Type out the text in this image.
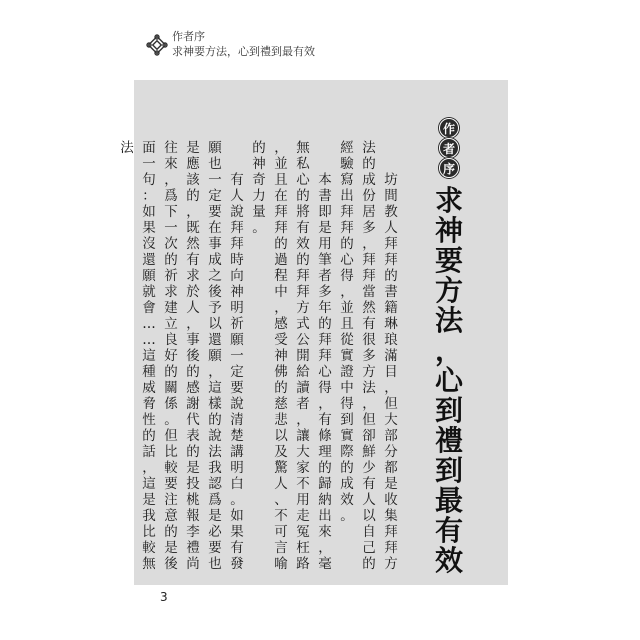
作者序
求神要方法，心到禮到最有效
作
者
序
求
神
要
方
法
，
心
到
禮
到
最
有
效
坊
間
教
人
拜
拜
的
書
籍
琳
琅
滿
目
，
但
大
部
分
都
是
收
集
拜
拜
方
法
的
成
份
居
多
，
拜
拜
當
然
有
很
多
方
法
，
但
卻
鮮
少
有
人
以
自
己
的
經
驗
寫
出
拜
拜
的
心
得
，
並
且
從
實
證
中
得
到
實
際
的
成
效
。
本
書
即
是
用
筆
者
多
年
的
拜
拜
心
得
，
有
條
理
的
歸
納
出
來
，
毫
無
私
心
的
將
有
效
的
拜
拜
方
式
公
開
給
讀
者
，
讓
大
家
不
用
走
冤
枉
路
，
並
且
在
拜
拜
的
過
程
中
，
感
受
神
佛
的
慈
悲
以
及
驚
人
、
不
可
言
喻
的
神
奇
力
量
。
有
人
說
拜
拜
時
向
神
明
祈
願
一
定
要
說
清
楚
講
明
白
。
如
果
有
發
願
也
一
定
要
在
事
成
之
後
予
以
還
願
，
這
樣
的
說
法
我
認
爲
是
必
要
也
是
應
該
的
，
既
然
有
求
於
人
，
事
後
的
感
謝
代
表
的
是
投
桃
報
李
禮
尚
往
來
，
爲
下
一
次
的
祈
求
建
立
良
好
的
關
係
。
但
比
較
要
注
意
的
是
後
面
一
句
：
如
果
沒
還
願
就
會
…
…
這
種
威
脅
性
的
話
，
這
是
我
比
較
無
法
3
